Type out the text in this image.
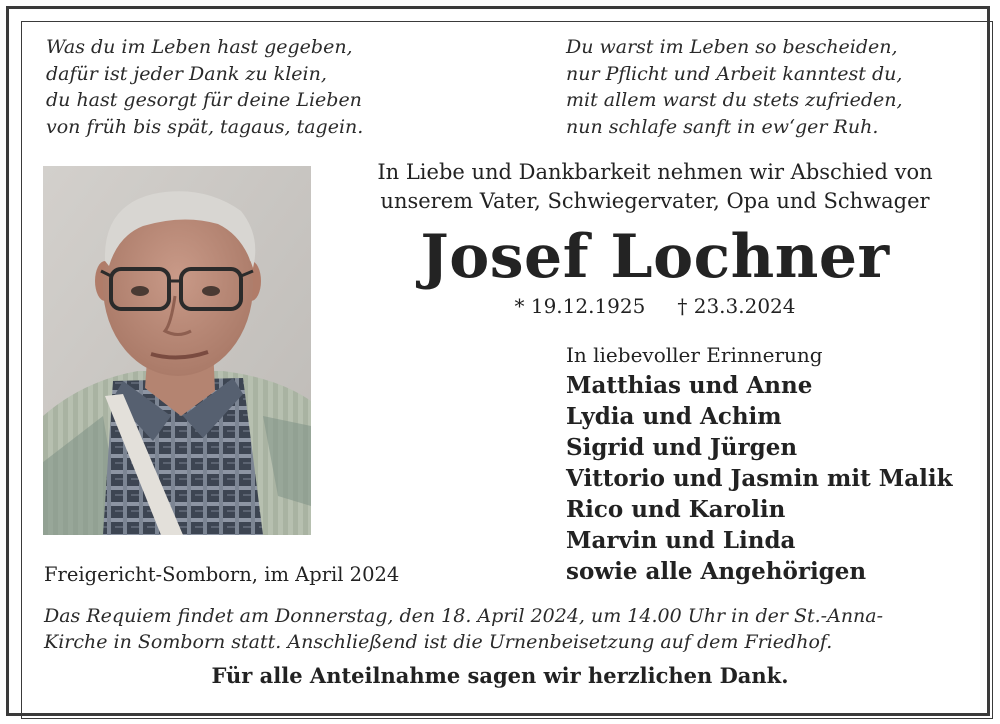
Was du im Leben hast gegeben,
dafür ist jeder Dank zu klein,
du hast gesorgt für deine Lieben
von früh bis spät, tagaus, tagein.
Du warst im Leben so bescheiden,
nur Pflicht und Arbeit kanntest du,
mit allem warst du stets zufrieden,
nun schlafe sanft in ew‘ger Ruh.
In Liebe und Dankbarkeit nehmen wir Abschied von
unserem Vater, Schwiegervater, Opa und Schwager
Josef Lochner
* 19.12.1925 † 23.3.2024
In liebevoller Erinnerung
Matthias und Anne
Lydia und Achim
Sigrid und Jürgen
Vittorio und Jasmin mit Malik
Rico und Karolin
Marvin und Linda
sowie alle Angehörigen
Freigericht-Somborn, im April 2024
Das Requiem findet am Donnerstag, den 18. April 2024, um 14.00 Uhr in der St.-Anna-
Kirche in Somborn statt. Anschließend ist die Urnenbeisetzung auf dem Friedhof.
Für alle Anteilnahme sagen wir herzlichen Dank.
